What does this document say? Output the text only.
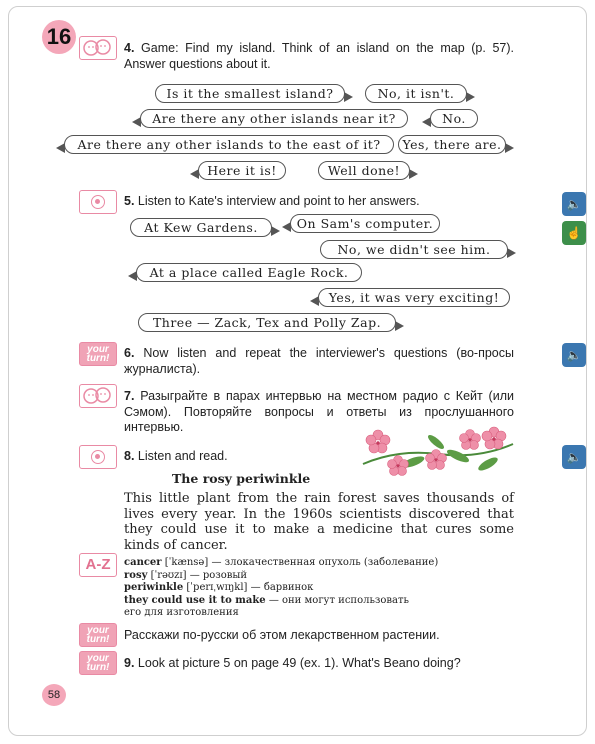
16	4. Game: Find my island. Think of an island on the map (p. 57). Answer questions about it.
Is it the smallest island?	No, it isn't.
Are there any other islands near it?	No.
Are there any other islands to the east of it?	Yes, there are.
Here it is!	Well done!
5. Listen to Kate's interview and point to her answers.	🔈
☝
At Kew Gardens.	On Sam's computer.
No, we didn't see him.
At a place called Eagle Rock.
Yes, it was very exciting!
Three — Zack, Tex and Polly Zap.
your turn!	6. Now listen and repeat the interviewer's questions (во-просы журналиста).
🔈
7. Разыграйте в парах интервью на местном радио с Кейт (или Сэмом). Повторяйте вопросы и ответы из прослушанного интервью.
8. Listen and read.	🔈
The rosy periwinkle
This little plant from the rain forest saves thousands of lives every year. In the 1960s scientists discovered that they could use it to make a medicine that cures some kinds of cancer.
A-Z	cancer [ˈkænsə] — злокачественная опухоль (заболевание)
rosy [ˈrəʊzɪ] — розовый
periwinkle [ˈperɪˌwɪŋkl] — барвинок
they could use it to make — они могут использовать
его для изготовления
your turn!	Расскажи по-русски об этом лекарственном растении.
your turn!	9. Look at picture 5 on page 49 (ex. 1). What's Beano doing?
58
